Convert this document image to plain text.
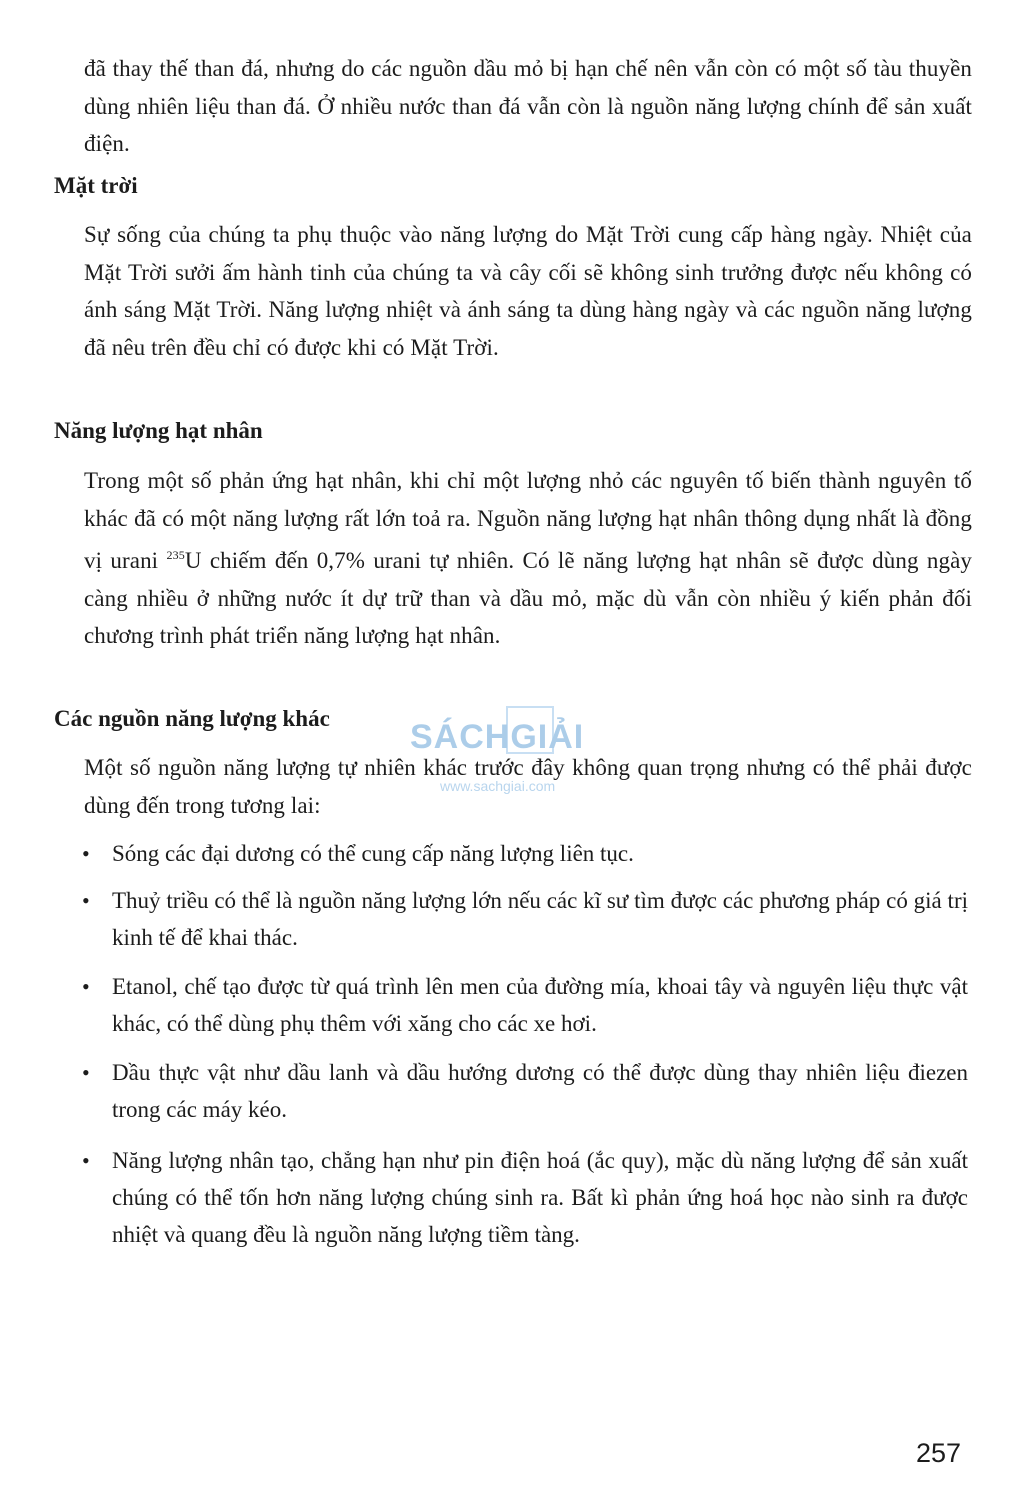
đã thay thế than đá, nhưng do các nguồn dầu mỏ bị hạn chế nên vẫn còn có một số tàu thuyền dùng nhiên liệu than đá. Ở nhiều nước than đá vẫn còn là nguồn năng lượng chính để sản xuất điện.

Mặt trời

Sự sống của chúng ta phụ thuộc vào năng lượng do Mặt Trời cung cấp hàng ngày. Nhiệt của Mặt Trời sưởi ấm hành tinh của chúng ta và cây cối sẽ không sinh trưởng được nếu không có ánh sáng Mặt Trời. Năng lượng nhiệt và ánh sáng ta dùng hàng ngày và các nguồn năng lượng đã nêu trên đều chỉ có được khi có Mặt Trời.

Năng lượng hạt nhân

Trong một số phản ứng hạt nhân, khi chỉ một lượng nhỏ các nguyên tố biến thành nguyên tố khác đã có một năng lượng rất lớn toả ra. Nguồn năng lượng hạt nhân thông dụng nhất là đồng vị urani $^{235}$U chiếm đến 0,7% urani tự nhiên. Có lẽ năng lượng hạt nhân sẽ được dùng ngày càng nhiều ở những nước ít dự trữ than và dầu mỏ, mặc dù vẫn còn nhiều ý kiến phản đối chương trình phát triển năng lượng hạt nhân.

Các nguồn năng lượng khác

Một số nguồn năng lượng tự nhiên khác trước đây không quan trọng nhưng có thể phải được dùng đến trong tương lai:

• Sóng các đại dương có thể cung cấp năng lượng liên tục.

• Thuỷ triều có thể là nguồn năng lượng lớn nếu các kĩ sư tìm được các phương pháp có giá trị kinh tế để khai thác.

• Etanol, chế tạo được từ quá trình lên men của đường mía, khoai tây và nguyên liệu thực vật khác, có thể dùng phụ thêm với xăng cho các xe hơi.

• Dầu thực vật như dầu lanh và dầu hướng dương có thể được dùng thay nhiên liệu điezen trong các máy kéo.

• Năng lượng nhân tạo, chẳng hạn như pin điện hoá (ắc quy), mặc dù năng lượng để sản xuất chúng có thể tốn hơn năng lượng chúng sinh ra. Bất kì phản ứng hoá học nào sinh ra được nhiệt và quang đều là nguồn năng lượng tiềm tàng.

SÁCHGIẢI
www.sachgiai.com
257
